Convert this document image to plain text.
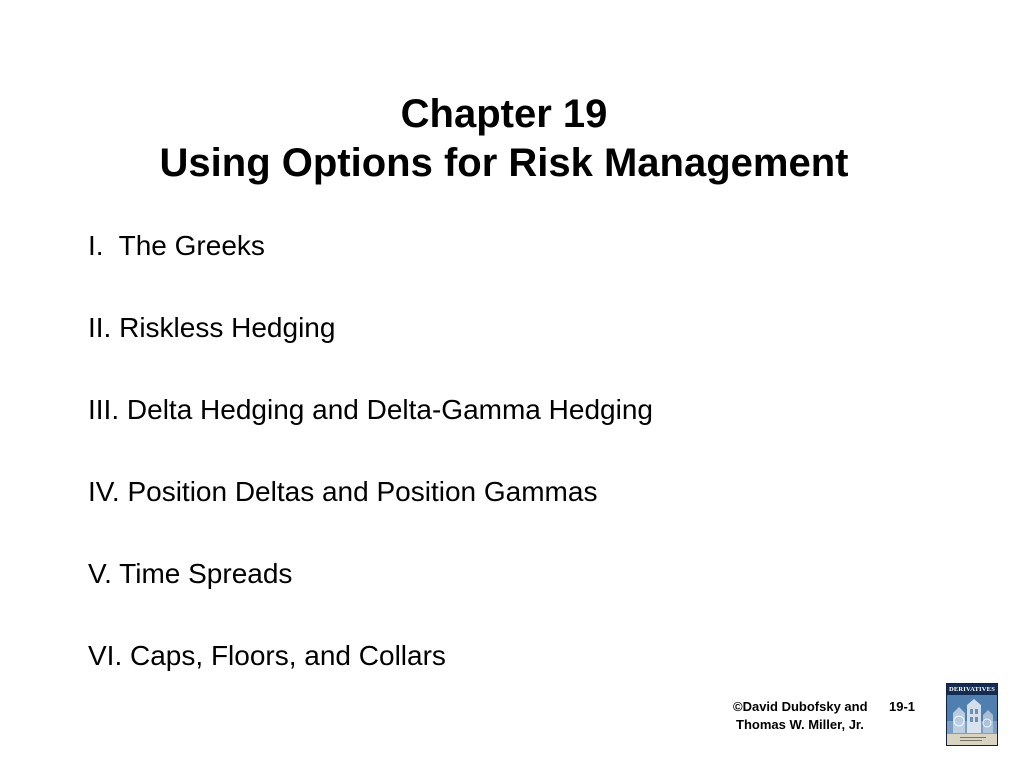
Chapter 19
Using Options for Risk Management
I.  The Greeks
II. Riskless Hedging
III. Delta Hedging and Delta-Gamma Hedging
IV. Position Deltas and Position Gammas
V. Time Spreads
VI. Caps, Floors, and Collars
©David Dubofsky and
Thomas W. Miller, Jr.
19-1
DERIVATIVES
